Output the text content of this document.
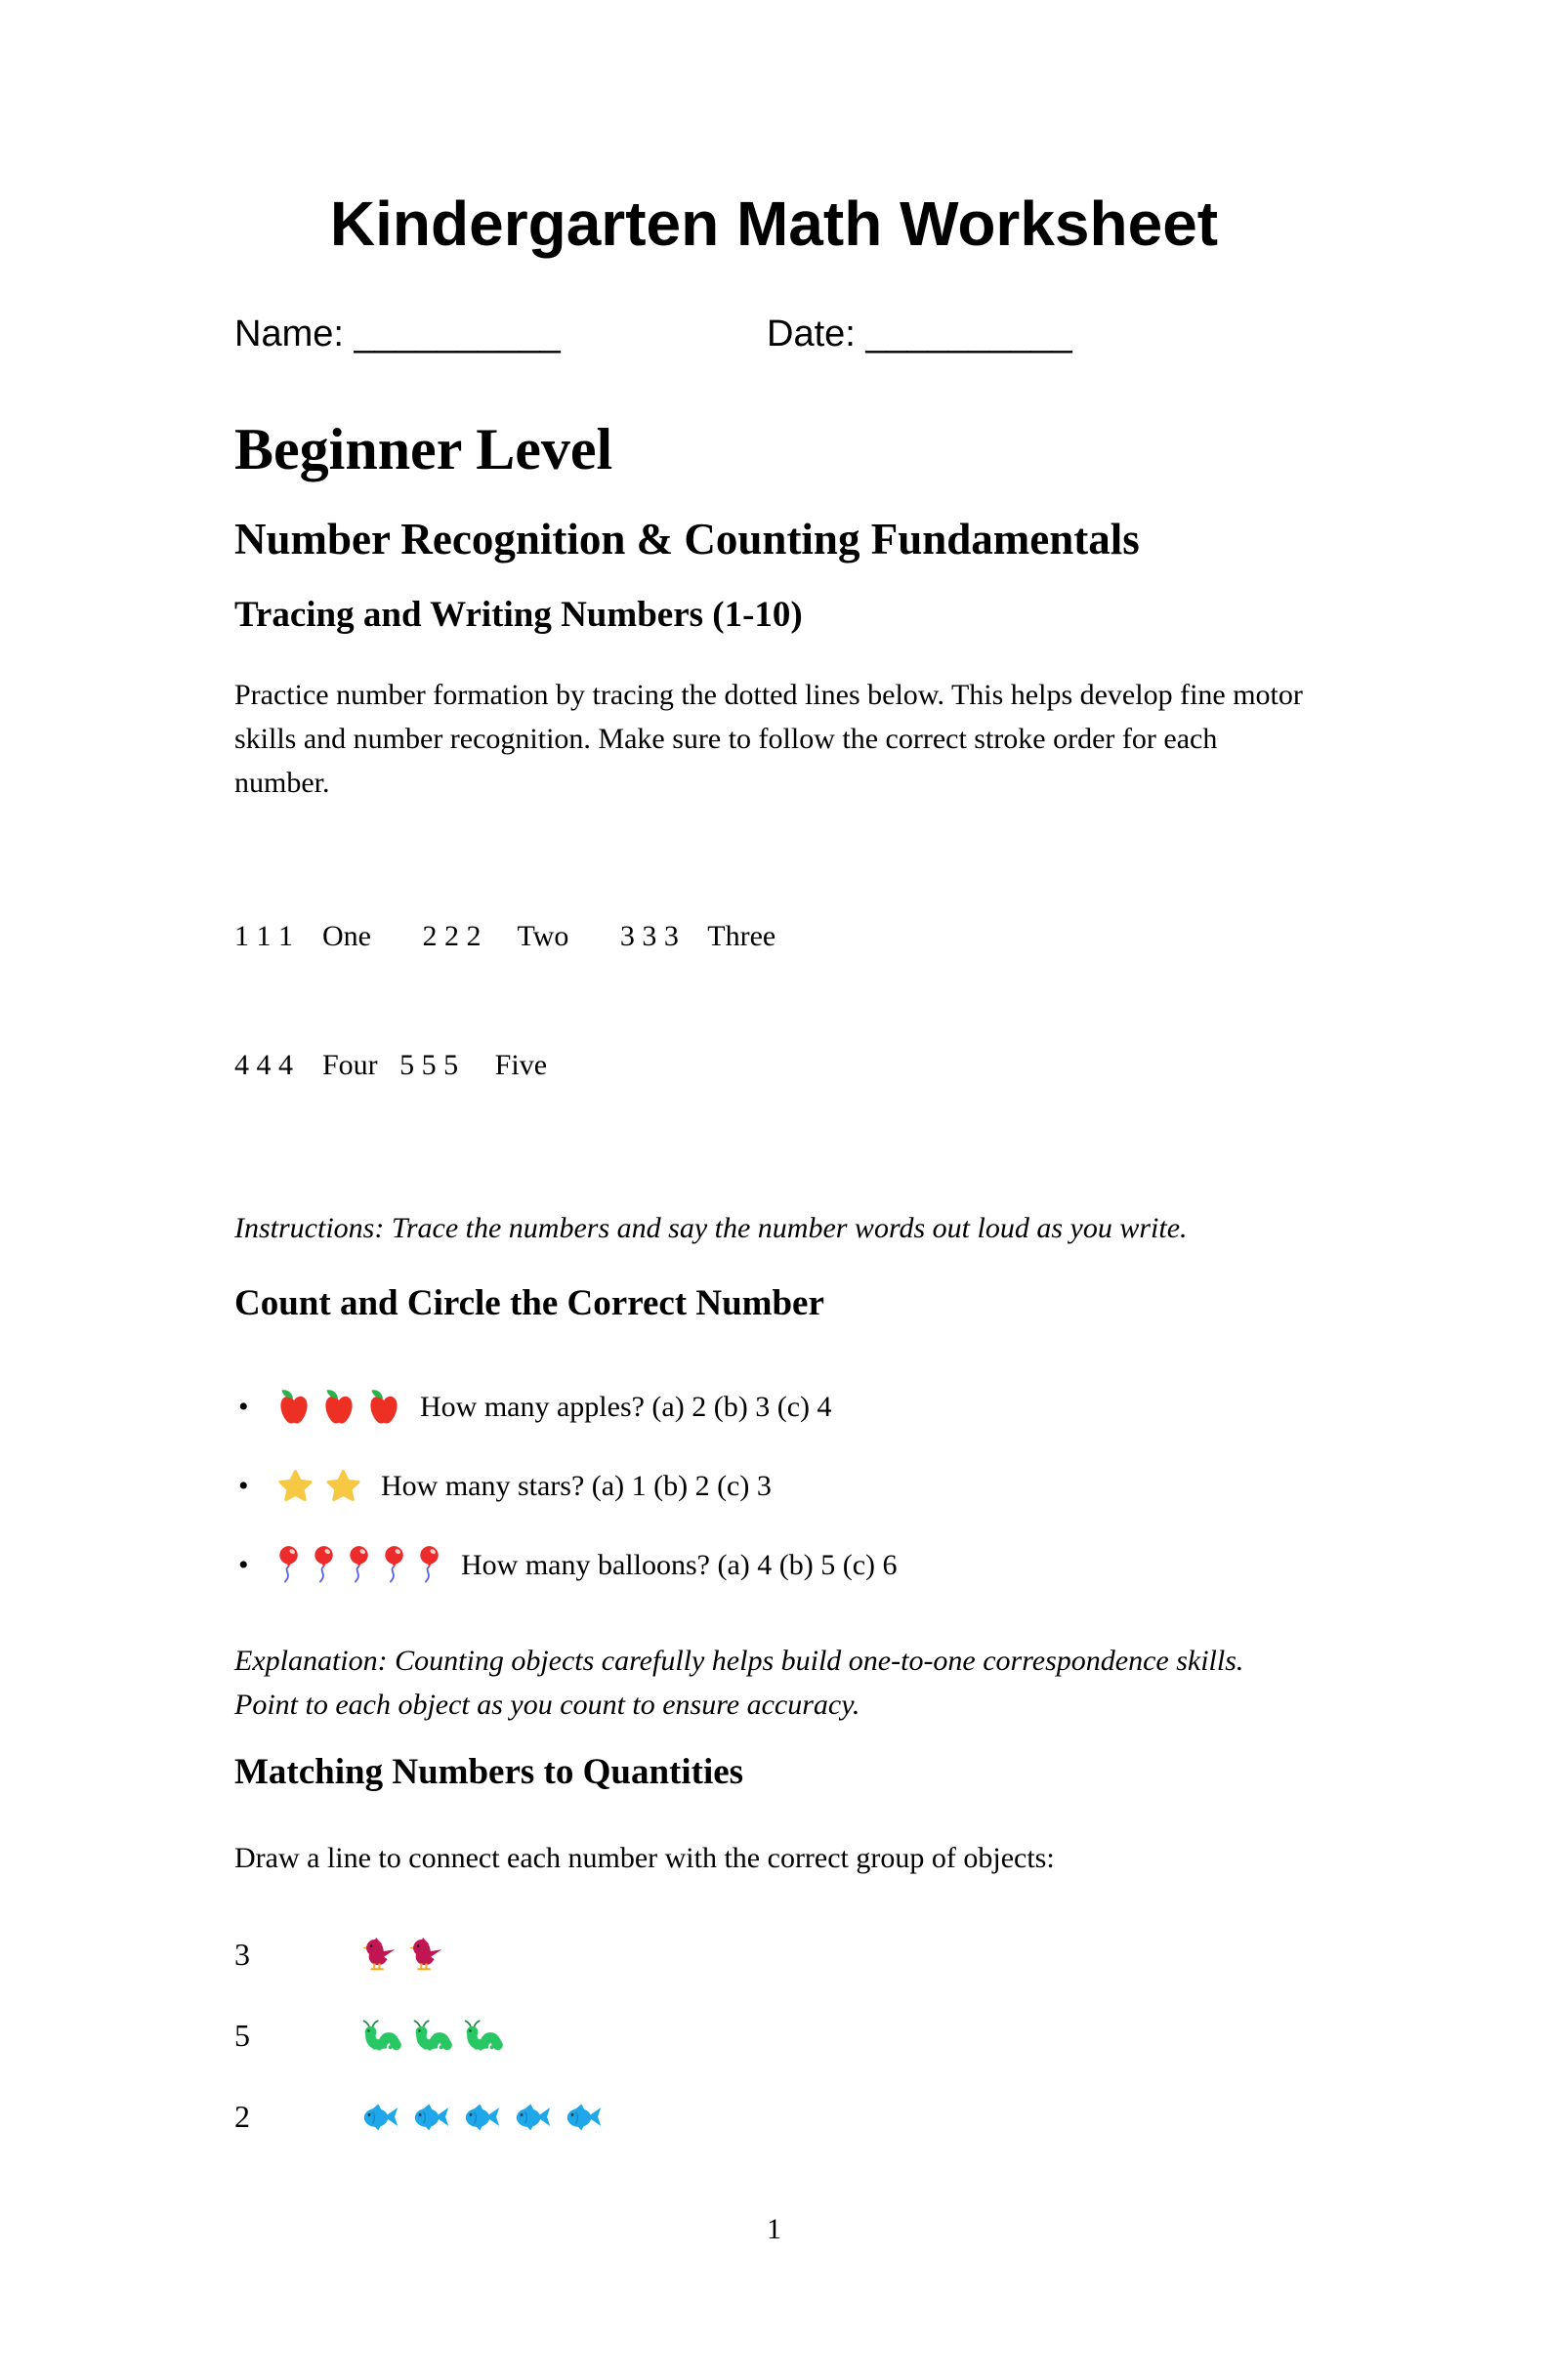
Kindergarten Math Worksheet
Name: __________	Date: __________
Beginner Level
Number Recognition & Counting Fundamentals
Tracing and Writing Numbers (1-10)

Practice number formation by tracing the dotted lines below. This helps develop fine motor skills and number recognition. Make sure to follow the correct stroke order for each number.

1 1 1    One       2 2 2     Two       3 3 3    Three

4 4 4    Four   5 5 5     Five

Instructions: Trace the numbers and say the number words out loud as you write.

Count and Circle the Correct Number
•	How many apples? (a) 2 (b) 3 (c) 4
•	How many stars? (a) 1 (b) 2 (c) 3
•	How many balloons? (a) 4 (b) 5 (c) 6

Explanation: Counting objects carefully helps build one-to-one correspondence skills. Point to each object as you count to ensure accuracy.

Matching Numbers to Quantities

Draw a line to connect each number with the correct group of objects:

3
5
2
1
